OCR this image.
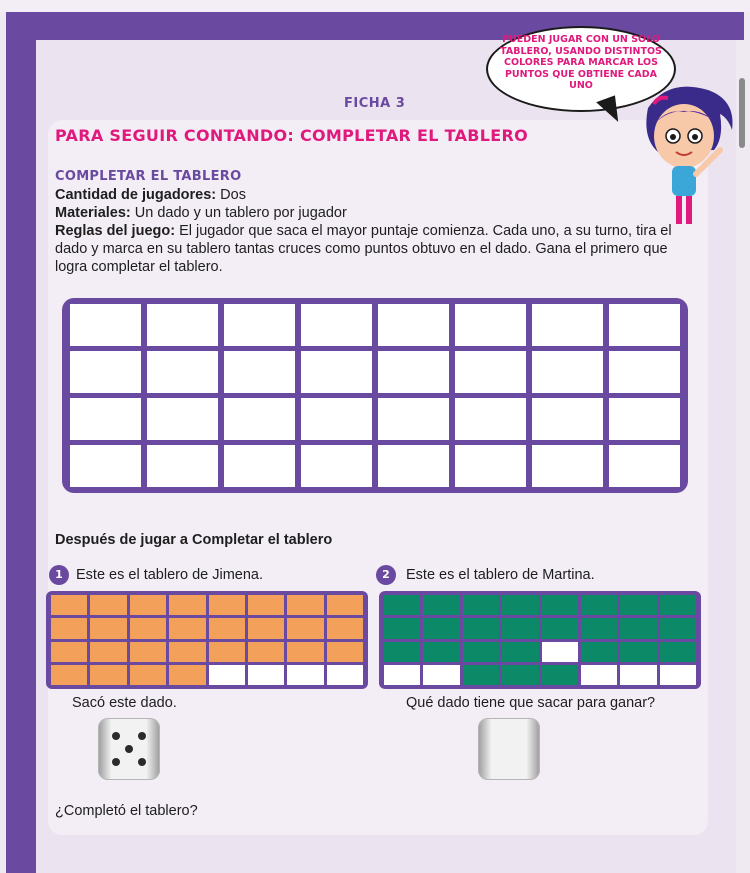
FICHA 3
PARA SEGUIR CONTANDO: COMPLETAR EL TABLERO
PUEDEN JUGAR CON UN SOLO TABLERO, USANDO DISTINTOS COLORES PARA MARCAR LOS PUNTOS QUE OBTIENE CADA UNO
COMPLETAR EL TABLERO
Cantidad de jugadores: Dos
Materiales: Un dado y un tablero por jugador
Reglas del juego: El jugador que saca el mayor puntaje comienza. Cada uno, a su turno, tira el dado y marca en su tablero tantas cruces como puntos obtuvo en el dado. Gana el primero que logra completar el tablero.
Después de jugar a Completar el tablero
1 Este es el tablero de Jimena.	2	Este es el tablero de Martina.
Sacó este dado.	Qué dado tiene que sacar para ganar?
¿Completó el tablero?
